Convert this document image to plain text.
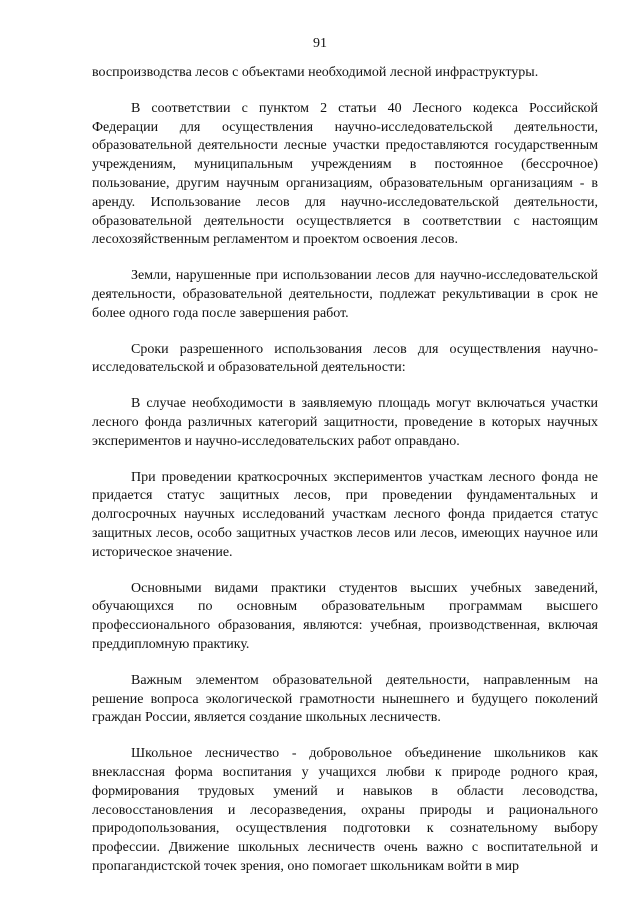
91

воспроизводства лесов с объектами необходимой лесной инфраструктуры.

В соответствии с пунктом 2 статьи 40 Лесного кодекса Российской Федерации для осуществления научно-исследовательской деятельности, образовательной деятельности лесные участки предоставляются государственным учреждениям, муниципальным учреждениям в постоянное (бессрочное) пользование, другим научным организациям, образовательным организациям - в аренду. Использование лесов для научно-исследовательской деятельности, образовательной деятельности осуществляется в соответствии с настоящим лесохозяйственным регламентом и проектом освоения лесов.

Земли, нарушенные при использовании лесов для научно-исследовательской деятельности, образовательной деятельности, подлежат рекультивации в срок не более одного года после завершения работ.

Сроки разрешенного использования лесов для осуществления научно-исследовательской и образовательной деятельности:

В случае необходимости в заявляемую площадь могут включаться участки лесного фонда различных категорий защитности, проведение в которых научных экспериментов и научно-исследовательских работ оправдано.

При проведении краткосрочных экспериментов участкам лесного фонда не придается статус защитных лесов, при проведении фундаментальных и долгосрочных научных исследований участкам лесного фонда придается статус защитных лесов, особо защитных участков лесов или лесов, имеющих научное или историческое значение.

Основными видами практики студентов высших учебных заведений, обучающихся по основным образовательным программам высшего профессионального образования, являются: учебная, производственная, включая преддипломную практику.

Важным элементом образовательной деятельности, направленным на решение вопроса экологической грамотности нынешнего и будущего поколений граждан России, является создание школьных лесничеств.

Школьное лесничество - добровольное объединение школьников как внеклассная форма воспитания у учащихся любви к природе родного края, формирования трудовых умений и навыков в области лесоводства, лесовосстановления и лесоразведения, охраны природы и рационального природопользования, осуществления подготовки к сознательному выбору профессии. Движение школьных лесничеств очень важно с воспитательной и пропагандистской точек зрения, оно помогает школьникам войти в мир
